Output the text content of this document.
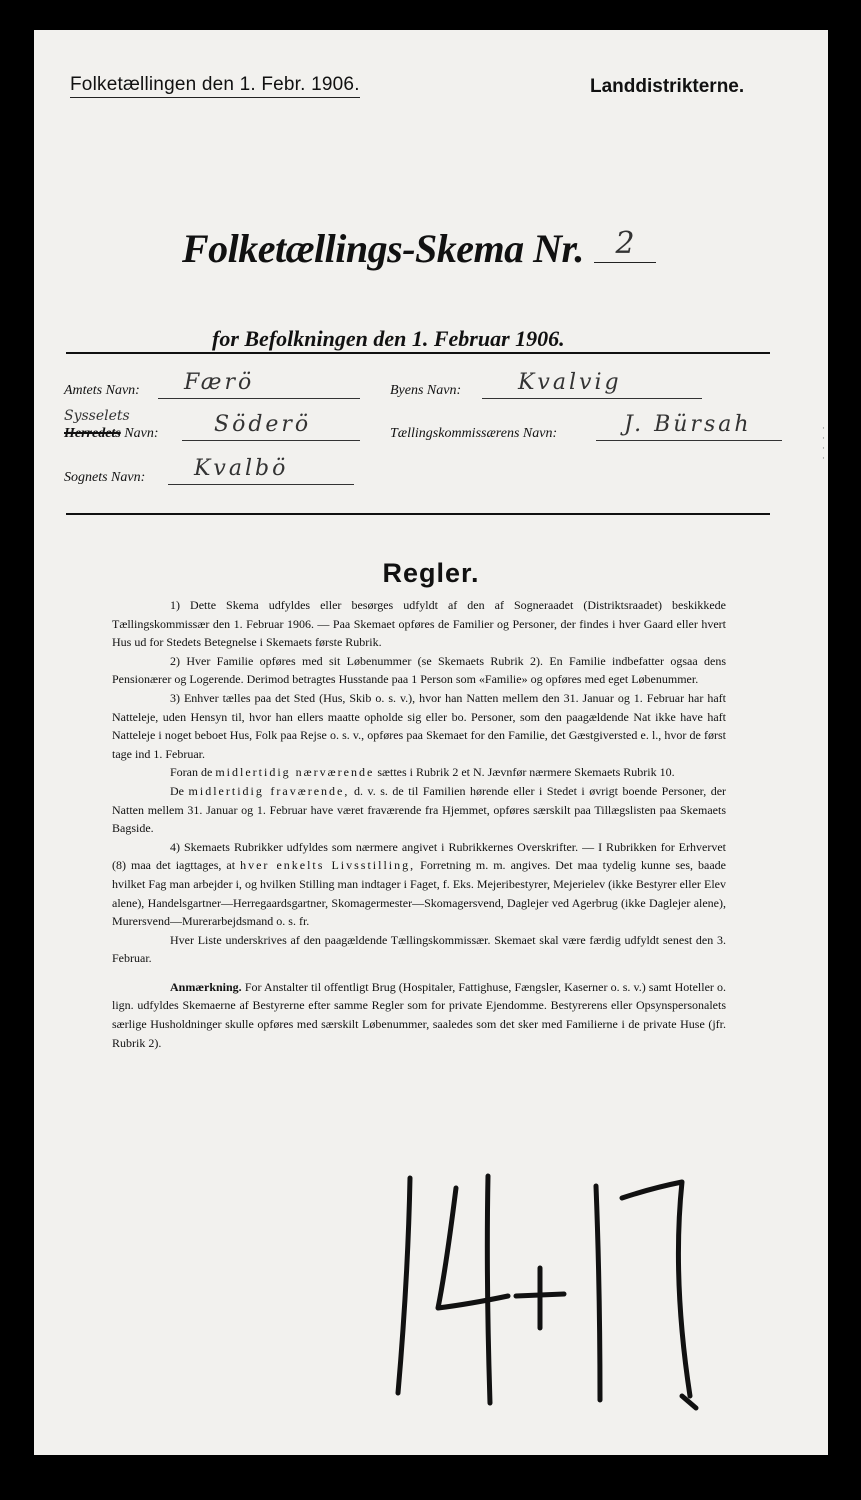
Folketællingen den 1. Febr. 1906.	Landdistrikterne.
Folketællings-Skema Nr.	2
for Befolkningen den 1. Februar 1906.
Amtets Navn: Færö	Byens Navn:	Kvalvig
Sysselets
Herredets Navn:	Söderö	Tællingskommissærens Navn:	J. Bürsah
Sognets Navn: Kvalbö
Regler.

1) Dette Skema udfyldes eller besørges udfyldt af den af Sogneraadet (Distriktsraadet) beskikkede Tællingskommissær den 1. Februar 1906. — Paa Skemaet opføres de Familier og Personer, der findes i hver Gaard eller hvert Hus ud for Stedets Betegnelse i Skemaets første Rubrik.

2) Hver Familie opføres med sit Løbenummer (se Skemaets Rubrik 2). En Familie indbefatter ogsaa dens Pensionærer og Logerende. Derimod betragtes Husstande paa 1 Person som «Familie» og opføres med eget Løbenummer.

3) Enhver tælles paa det Sted (Hus, Skib o. s. v.), hvor han Natten mellem den 31. Januar og 1. Februar har haft Natteleje, uden Hensyn til, hvor han ellers maatte opholde sig eller bo. Personer, som den paagældende Nat ikke have haft Natteleje i noget beboet Hus, Folk paa Rejse o. s. v., opføres paa Skemaet for den Familie, det Gæstgiversted e. l., hvor de først tage ind 1. Februar.

Foran de midlertidig nærværende sættes i Rubrik 2 et N. Jævnfør nærmere Skemaets Rubrik 10.

De midlertidig fraværende, d. v. s. de til Familien hørende eller i Stedet i øvrigt boende Personer, der Natten mellem 31. Januar og 1. Februar have været fraværende fra Hjemmet, opføres særskilt paa Tillægslisten paa Skemaets Bagside.

4) Skemaets Rubrikker udfyldes som nærmere angivet i Rubrikkernes Overskrifter. — I Rubrikken for Erhvervet (8) maa det iagttages, at hver enkelts Livsstilling, Forretning m. m. angives. Det maa tydelig kunne ses, baade hvilket Fag man arbejder i, og hvilken Stilling man indtager i Faget, f. Eks. Mejeribestyrer, Mejerielev (ikke Bestyrer eller Elev alene), Handelsgartner—Herregaardsgartner, Skomagermester—Skomagersvend, Daglejer ved Agerbrug (ikke Daglejer alene), Murersvend—Murerarbejdsmand o. s. fr.

Hver Liste underskrives af den paagældende Tællingskommissær. Skemaet skal være færdig udfyldt senest den 3. Februar.

Anmærkning. For Anstalter til offentligt Brug (Hospitaler, Fattighuse, Fængsler, Kaserner o. s. v.) samt Hoteller o. lign. udfyldes Skemaerne af Bestyrerne efter samme Regler som for private Ejendomme. Bestyrerens eller Opsynspersonalets særlige Husholdninger skulle opføres med særskilt Løbenummer, saaledes som det sker med Familierne i de private Huse (jfr. Rubrik 2).

·
·
·
·
